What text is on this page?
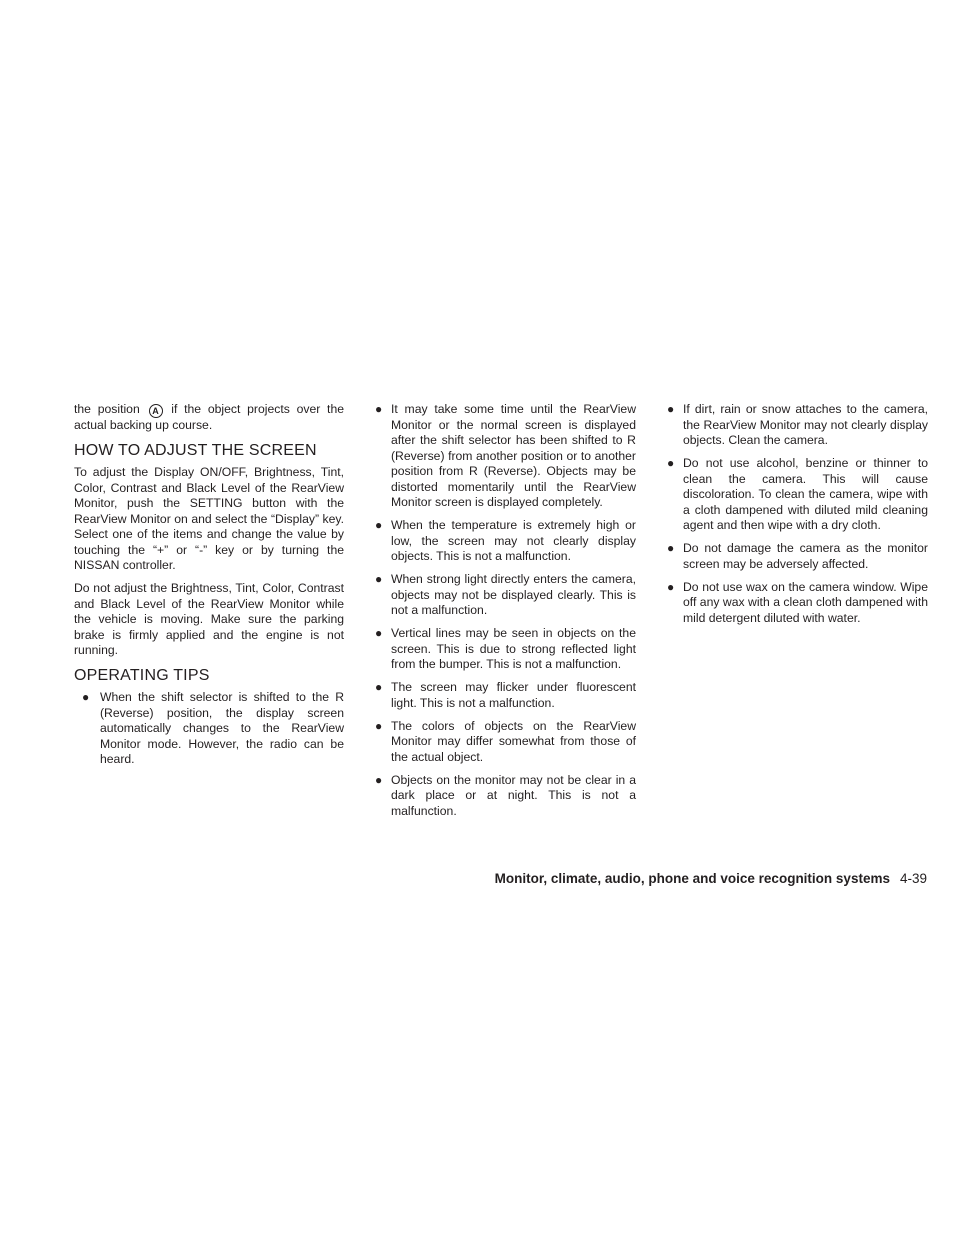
the position A if the object projects over the actual backing up course.

HOW TO ADJUST THE SCREEN

To adjust the Display ON/OFF, Brightness, Tint, Color, Contrast and Black Level of the RearView Monitor, push the SETTING button with the RearView Monitor on and select the “Display” key. Select one of the items and change the value by touching the “+” or “-” key or by turning the NISSAN controller.

Do not adjust the Brightness, Tint, Color, Contrast and Black Level of the RearView Monitor while the vehicle is moving. Make sure the parking brake is firmly applied and the engine is not running.

OPERATING TIPS
● When the shift selector is shifted to the R (Reverse) position, the display screen automatically changes to the RearView Monitor mode. However, the radio can be heard.
● It may take some time until the RearView Monitor or the normal screen is displayed after the shift selector has been shifted to R (Reverse) from another position or to another position from R (Reverse). Objects may be distorted momentarily until the RearView Monitor screen is displayed completely.
● When the temperature is extremely high or low, the screen may not clearly display objects. This is not a malfunction.
● When strong light directly enters the camera, objects may not be displayed clearly. This is not a malfunction.
● Vertical lines may be seen in objects on the screen. This is due to strong reflected light from the bumper. This is not a malfunction.
● The screen may flicker under fluorescent light. This is not a malfunction.
● The colors of objects on the RearView Monitor may differ somewhat from those of the actual object.
● Objects on the monitor may not be clear in a dark place or at night. This is not a malfunction.
● If dirt, rain or snow attaches to the camera, the RearView Monitor may not clearly display objects. Clean the camera.
● Do not use alcohol, benzine or thinner to clean the camera. This will cause discoloration. To clean the camera, wipe with a cloth dampened with diluted mild cleaning agent and then wipe with a dry cloth.
● Do not damage the camera as the monitor screen may be adversely affected.
● Do not use wax on the camera window. Wipe off any wax with a clean cloth dampened with mild detergent diluted with water.
Monitor, climate, audio, phone and voice recognition systems 4-39
